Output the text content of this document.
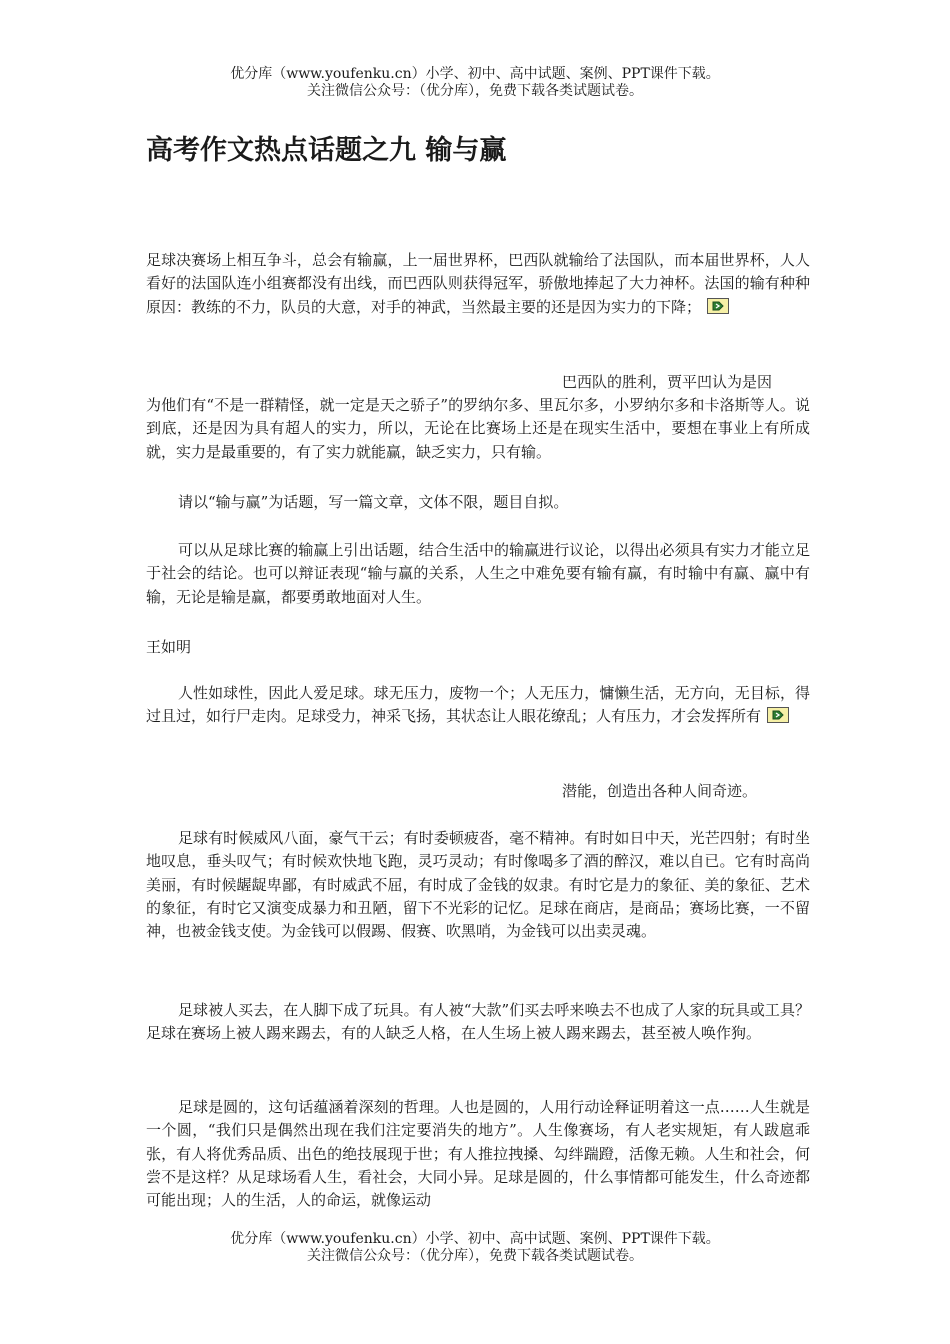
优分库（www.youfenku.cn）小学、初中、高中试题、案例、PPT课件下载。
关注微信公众号：（优分库），免费下载各类试题试卷。
高考作文热点话题之九 输与赢
足球决赛场上相互争斗，总会有输赢，上一届世界杯，巴西队就输给了法国队，而本届世界杯，人人看好的法国队连小组赛都没有出线，而巴西队则获得冠军，骄傲地捧起了大力神杯。法国的输有种种原因：教练的不力，队员的大意，对手的神武，当然最主要的还是因为实力的下降；
巴西队的胜利，贾平凹认为是因
为他们有“不是一群精怪，就一定是天之骄子”的罗纳尔多、里瓦尔多，小罗纳尔多和卡洛斯等人。说到底，还是因为具有超人的实力，所以，无论在比赛场上还是在现实生活中，要想在事业上有所成就，实力是最重要的，有了实力就能赢，缺乏实力，只有输。
请以“输与赢”为话题，写一篇文章，文体不限，题目自拟。
可以从足球比赛的输赢上引出话题，结合生活中的输赢进行议论，以得出必须具有实力才能立足于社会的结论。也可以辩证表现“输与赢的关系，人生之中难免要有输有赢，有时输中有赢、赢中有输，无论是输是赢，都要勇敢地面对人生。
王如明
人性如球性，因此人爱足球。球无压力，废物一个；人无压力，慵懒生活，无方向，无目标，得过且过，如行尸走肉。足球受力，神采飞扬，其状态让人眼花缭乱；人有压力，才会发挥所有
潜能，创造出各种人间奇迹。
足球有时候威风八面，豪气干云；有时委顿疲沓，毫不精神。有时如日中天，光芒四射；有时坐地叹息，垂头叹气；有时候欢快地飞跑，灵巧灵动；有时像喝多了酒的醉汉，难以自已。它有时高尚美丽，有时候龌龊卑鄙，有时威武不屈，有时成了金钱的奴隶。有时它是力的象征、美的象征、艺术的象征，有时它又演变成暴力和丑陋，留下不光彩的记忆。足球在商店，是商品；赛场比赛，一不留神，也被金钱支使。为金钱可以假踢、假赛、吹黑哨，为金钱可以出卖灵魂。
足球被人买去，在人脚下成了玩具。有人被“大款”们买去呼来唤去不也成了人家的玩具或工具？足球在赛场上被人踢来踢去，有的人缺乏人格，在人生场上被人踢来踢去，甚至被人唤作狗。
足球是圆的，这句话蕴涵着深刻的哲理。人也是圆的，人用行动诠释证明着这一点……人生就是一个圆，“我们只是偶然出现在我们注定要消失的地方”。人生像赛场，有人老实规矩，有人跋扈乖张，有人将优秀品质、出色的绝技展现于世；有人推拉拽搡、勾绊踹蹬，活像无赖。人生和社会，何尝不是这样？从足球场看人生，看社会，大同小异。足球是圆的，什么事情都可能发生，什么奇迹都可能出现；人的生活，人的命运，就像运动
优分库（www.youfenku.cn）小学、初中、高中试题、案例、PPT课件下载。
关注微信公众号：（优分库），免费下载各类试题试卷。
